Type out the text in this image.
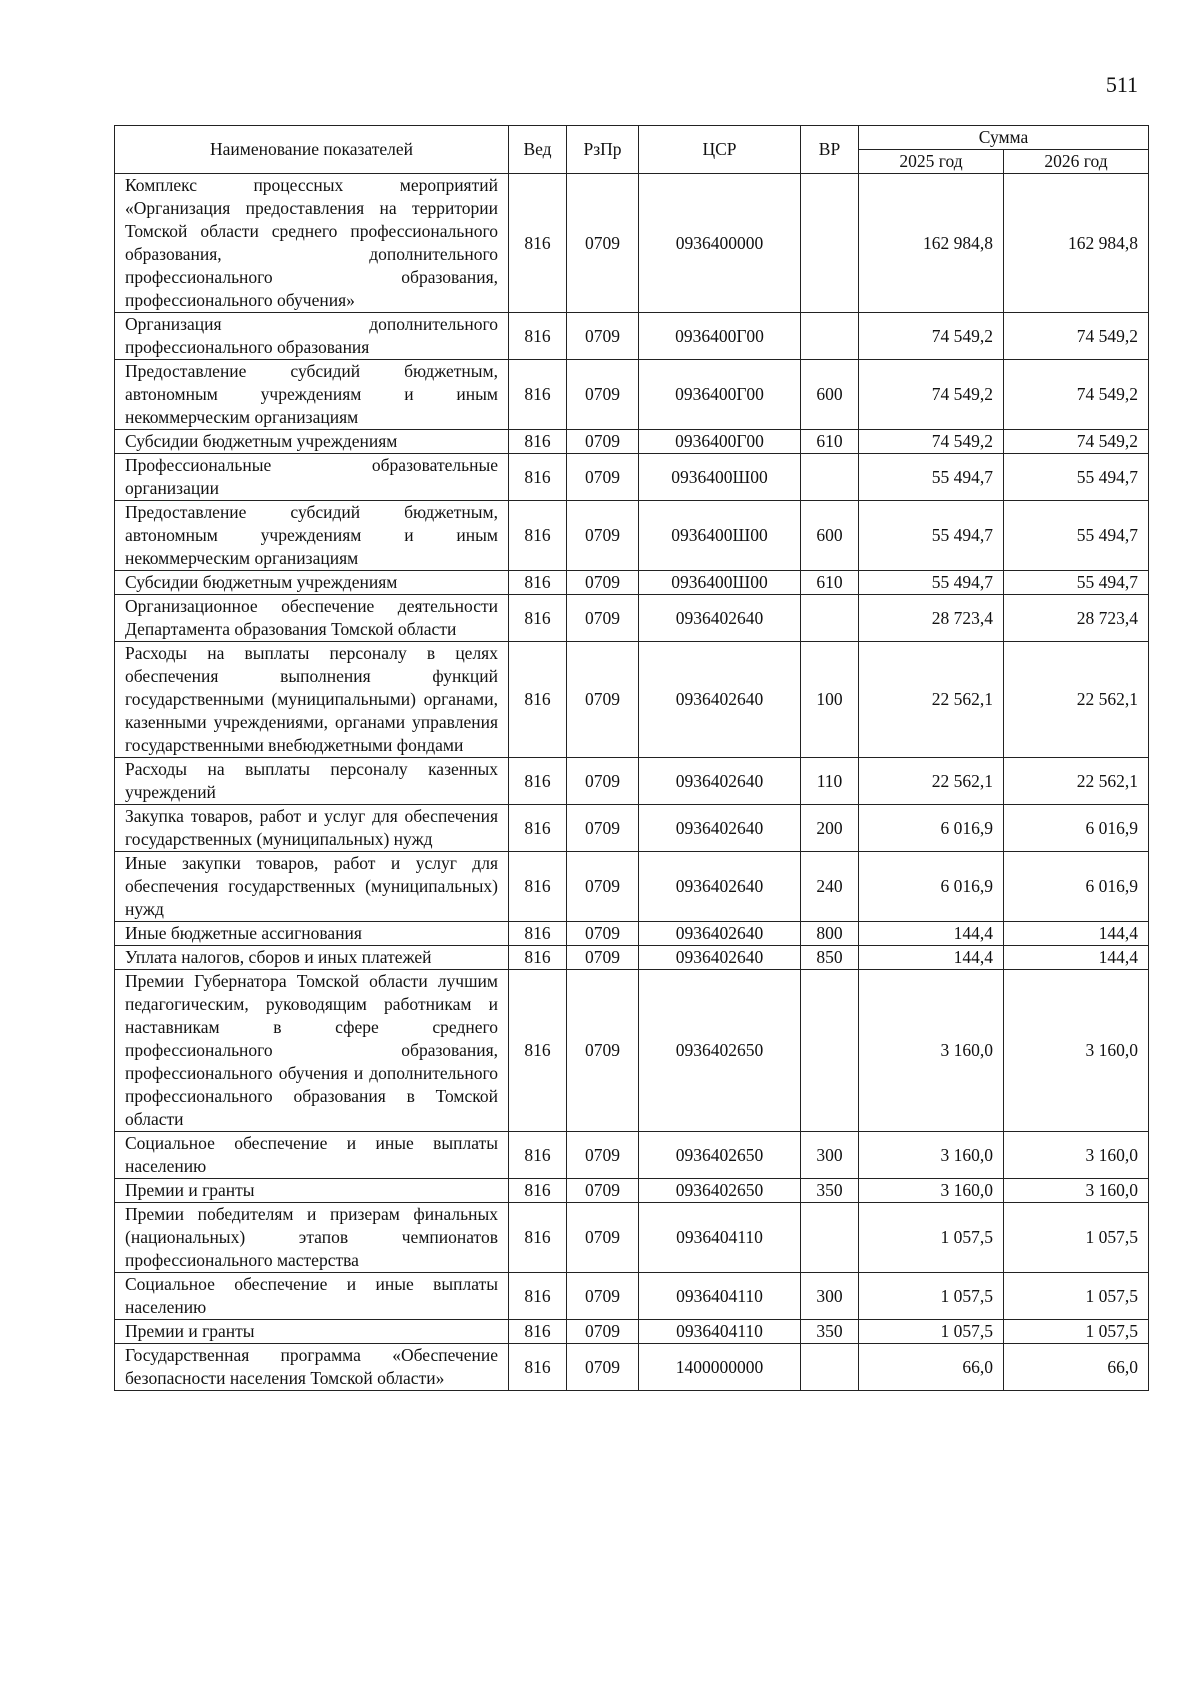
511
Наименование показателей	Вед	РзПр	ЦСР	ВР	Сумма	
					2025 год	2026 год
Комплекс процессных мероприятий «Организация предоставления на территории Томской области среднего профессионального образования, дополнительного профессионального образования, профессионального обучения»	816	0709	0936400000		162 984,8	162 984,8
Организация дополнительного профессионального образования	816	0709	0936400Г00		74 549,2	74 549,2
Предоставление субсидий бюджетным, автономным учреждениям и иным некоммерческим организациям	816	0709	0936400Г00	600	74 549,2	74 549,2
Субсидии бюджетным учреждениям	816	0709	0936400Г00	610	74 549,2	74 549,2
Профессиональные образовательные организации	816	0709	0936400Ш00		55 494,7	55 494,7
Предоставление субсидий бюджетным, автономным учреждениям и иным некоммерческим организациям	816	0709	0936400Ш00	600	55 494,7	55 494,7
Субсидии бюджетным учреждениям	816	0709	0936400Ш00	610	55 494,7	55 494,7
Организационное обеспечение деятельности Департамента образования Томской области	816	0709	0936402640		28 723,4	28 723,4
Расходы на выплаты персоналу в целях обеспечения выполнения функций государственными (муниципальными) органами, казенными учреждениями, органами управления государственными внебюджетными фондами	816	0709	0936402640	100	22 562,1	22 562,1
Расходы на выплаты персоналу казенных учреждений	816	0709	0936402640	110	22 562,1	22 562,1
Закупка товаров, работ и услуг для обеспечения государственных (муниципальных) нужд	816	0709	0936402640	200	6 016,9	6 016,9
Иные закупки товаров, работ и услуг для обеспечения государственных (муниципальных) нужд	816	0709	0936402640	240	6 016,9	6 016,9
Иные бюджетные ассигнования	816	0709	0936402640	800	144,4	144,4
Уплата налогов, сборов и иных платежей	816	0709	0936402640	850	144,4	144,4
Премии Губернатора Томской области лучшим педагогическим, руководящим работникам и наставникам в сфере среднего профессионального образования, профессионального обучения и дополнительного профессионального образования в Томской области	816	0709	0936402650		3 160,0	3 160,0
Социальное обеспечение и иные выплаты населению	816	0709	0936402650	300	3 160,0	3 160,0
Премии и гранты	816	0709	0936402650	350	3 160,0	3 160,0
Премии победителям и призерам финальных (национальных) этапов чемпионатов профессионального мастерства	816	0709	0936404110		1 057,5	1 057,5
Социальное обеспечение и иные выплаты населению	816	0709	0936404110	300	1 057,5	1 057,5
Премии и гранты	816	0709	0936404110	350	1 057,5	1 057,5
Государственная программа «Обеспечение безопасности населения Томской области»	816	0709	1400000000		66,0	66,0
